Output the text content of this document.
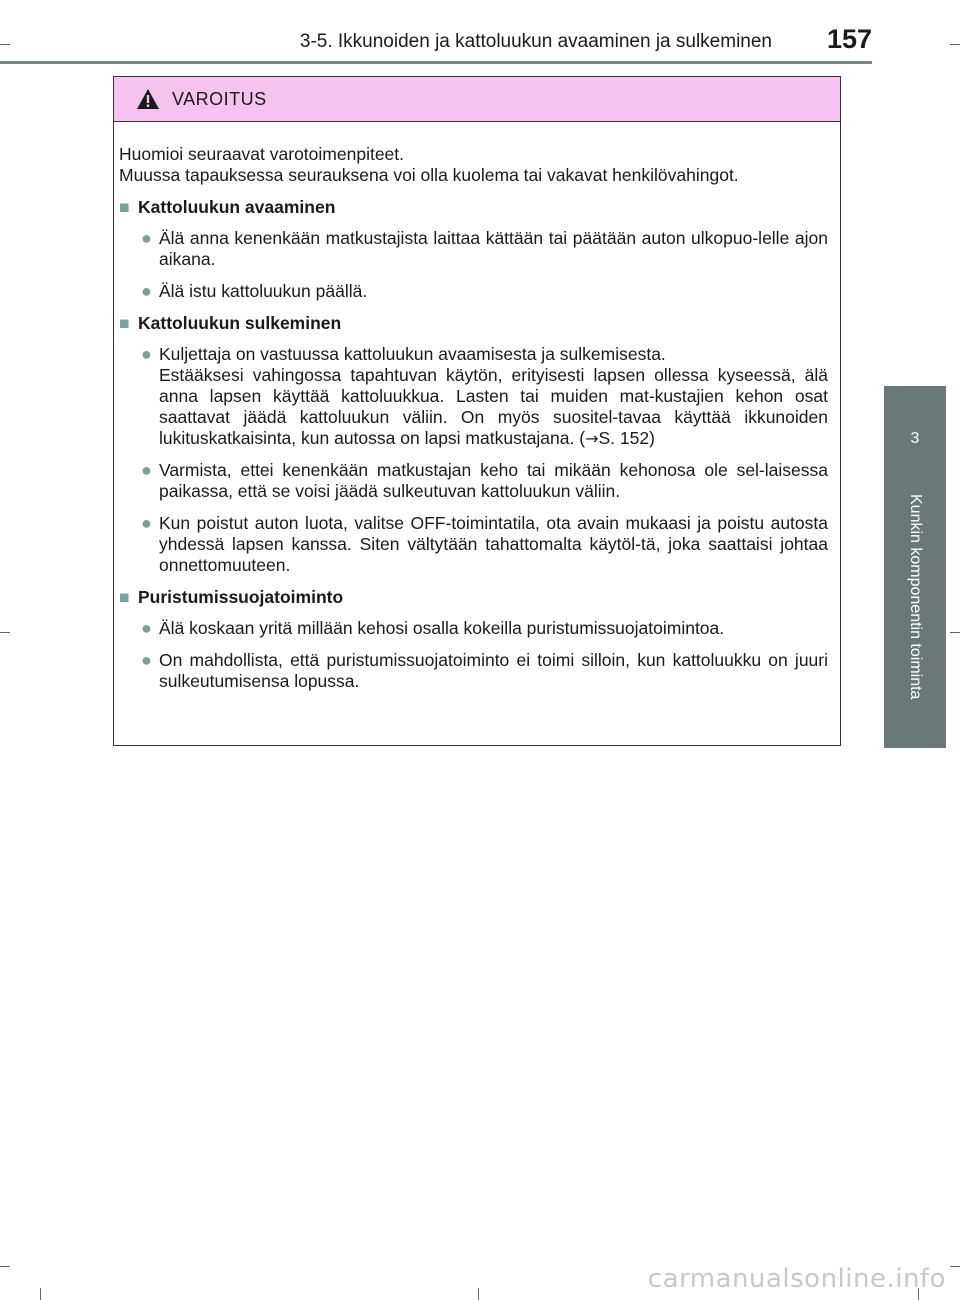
3-5. Ikkunoiden ja kattoluukun avaaminen ja sulkeminen 157
3
Kunkin komponentin toiminta
VAROITUS
Huomioi seuraavat varotoimenpiteet.
Muussa tapauksessa seurauksena voi olla kuolema tai vakavat henkilövahingot.
■ Kattoluukun avaaminen
● Älä anna kenenkään matkustajista laittaa kättään tai päätään auton ulkopuo-lelle ajon aikana.
● Älä istu kattoluukun päällä.
■ Kattoluukun sulkeminen
● Kuljettaja on vastuussa kattoluukun avaamisesta ja sulkemisesta.
Estääksesi vahingossa tapahtuvan käytön, erityisesti lapsen ollessa kyseessä, älä anna lapsen käyttää kattoluukkua. Lasten tai muiden mat-kustajien kehon osat saattavat jäädä kattoluukun väliin. On myös suositel-tavaa käyttää ikkunoiden lukituskatkaisinta, kun autossa on lapsi matkustajana. (→S. 152)
● Varmista, ettei kenenkään matkustajan keho tai mikään kehonosa ole sel-laisessa paikassa, että se voisi jäädä sulkeutuvan kattoluukun väliin.
● Kun poistut auton luota, valitse OFF-toimintatila, ota avain mukaasi ja poistu autosta yhdessä lapsen kanssa. Siten vältytään tahattomalta käytöl-tä, joka saattaisi johtaa onnettomuuteen.
■ Puristumissuojatoiminto
● Älä koskaan yritä millään kehosi osalla kokeilla puristumissuojatoimintoa.
● On mahdollista, että puristumissuojatoiminto ei toimi silloin, kun kattoluukku on juuri sulkeutumisensa lopussa.
carmanualsonline.info
